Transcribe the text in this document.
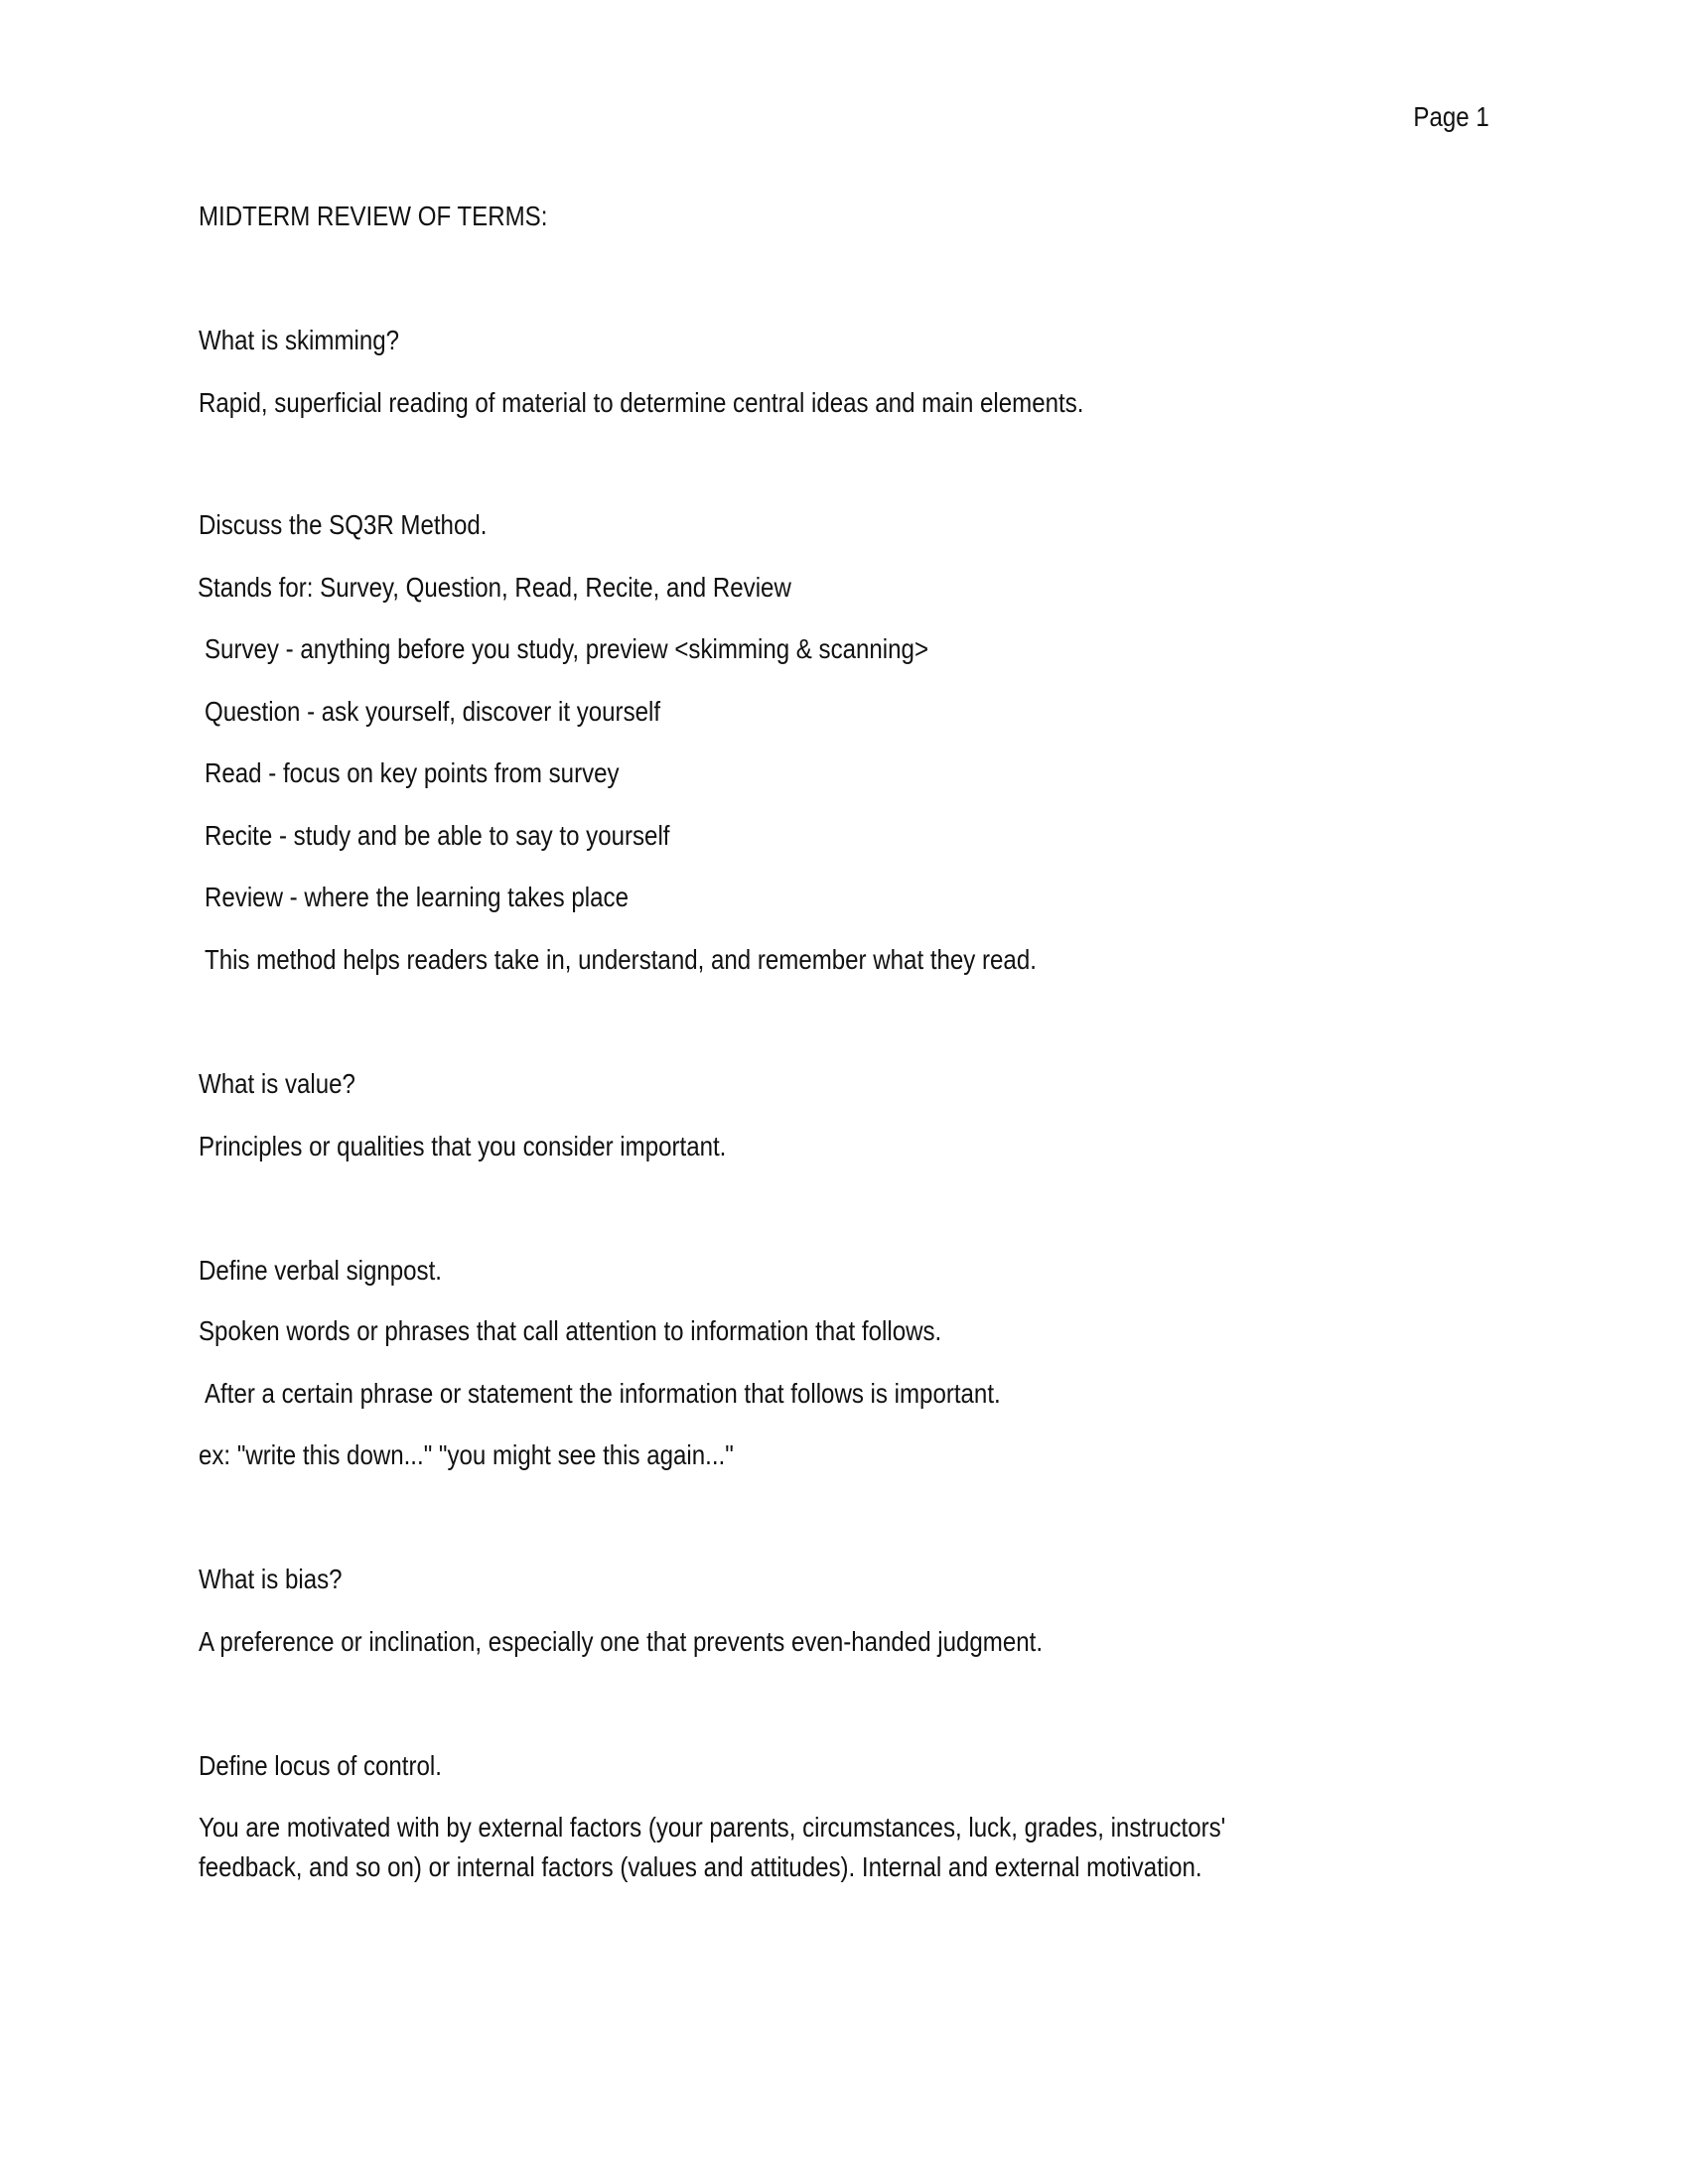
Page 1
MIDTERM REVIEW OF TERMS:
What is skimming?
Rapid, superficial reading of material to determine central ideas and main elements.
Discuss the SQ3R Method.
Stands for: Survey, Question, Read, Recite, and Review
Survey - anything before you study, preview <skimming & scanning>
Question - ask yourself, discover it yourself
Read - focus on key points from survey
Recite - study and be able to say to yourself
Review - where the learning takes place
This method helps readers take in, understand, and remember what they read.
What is value?
Principles or qualities that you consider important.
Define verbal signpost.
Spoken words or phrases that call attention to information that follows.
After a certain phrase or statement the information that follows is important.
ex: "write this down..." "you might see this again..."
What is bias?
A preference or inclination, especially one that prevents even-handed judgment.
Define locus of control.
You are motivated with by external factors (your parents, circumstances, luck, grades, instructors'
feedback, and so on) or internal factors (values and attitudes). Internal and external motivation.
